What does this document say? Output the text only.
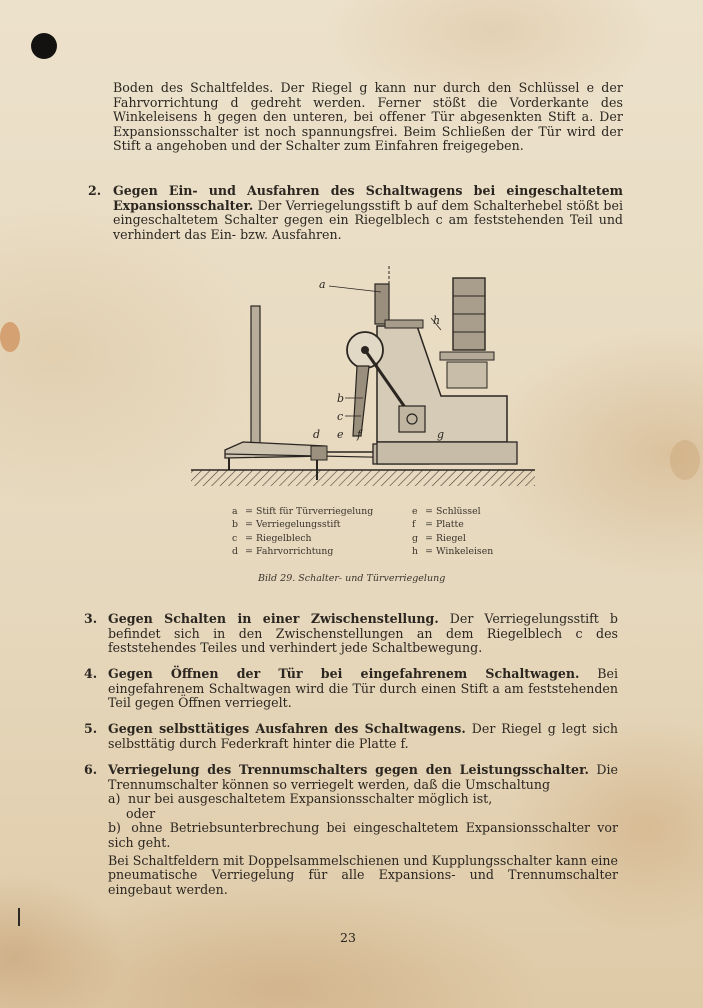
Boden des Schaltfeldes. Der Riegel g kann nur durch den Schlüssel e der Fahrvorrichtung d gedreht werden. Ferner stößt die Vorderkante des Winkeleisens h gegen den unteren, bei offener Tür abgesenkten Stift a. Der Expansionsschalter ist noch spannungsfrei. Beim Schließen der Tür wird der Stift a angehoben und der Schalter zum Einfahren freigegeben.

2. Gegen Ein- und Ausfahren des Schaltwagens bei eingeschaltetem Expansionsschalter. Der Verriegelungsstift b auf dem Schalterhebel stößt bei eingeschaltetem Schalter gegen ein Riegelblech c am feststehenden Teil und verhindert das Ein- bzw. Ausfahren.
a
h
b
c
d e f	g
a = Stift für Türverriegelung	e = Schlüssel
b = Verriegelungsstift	f = Platte
c = Riegelblech	g = Riegel
d = Fahrvorrichtung	h = Winkeleisen
Bild 29. Schalter- und Türverriegelung
3. Gegen Schalten in einer Zwischenstellung. Der Verriegelungsstift b befindet sich in den Zwischenstellungen an dem Riegelblech c des feststehendes Teiles und verhindert jede Schaltbewegung.
4. Gegen Öffnen der Tür bei eingefahrenem Schaltwagen. Bei eingefahrenem Schaltwagen wird die Tür durch einen Stift a am feststehenden Teil gegen Öffnen verriegelt.
5. Gegen selbsttätiges Ausfahren des Schaltwagens. Der Riegel g legt sich selbsttätig durch Federkraft hinter die Platte f.
6. Verriegelung des Trennumschalters gegen den Leistungsschalter. Die Trennumschalter können so verriegelt werden, daß die Umschaltung
a) nur bei ausgeschaltetem Expansionsschalter möglich ist,
oder
b) ohne Betriebsunterbrechung bei eingeschaltetem Expansionsschalter vor sich geht.
Bei Schaltfeldern mit Doppelsammelschienen und Kupplungsschalter kann eine pneumatische Verriegelung für alle Expansions- und Trennumschalter eingebaut werden.
23
